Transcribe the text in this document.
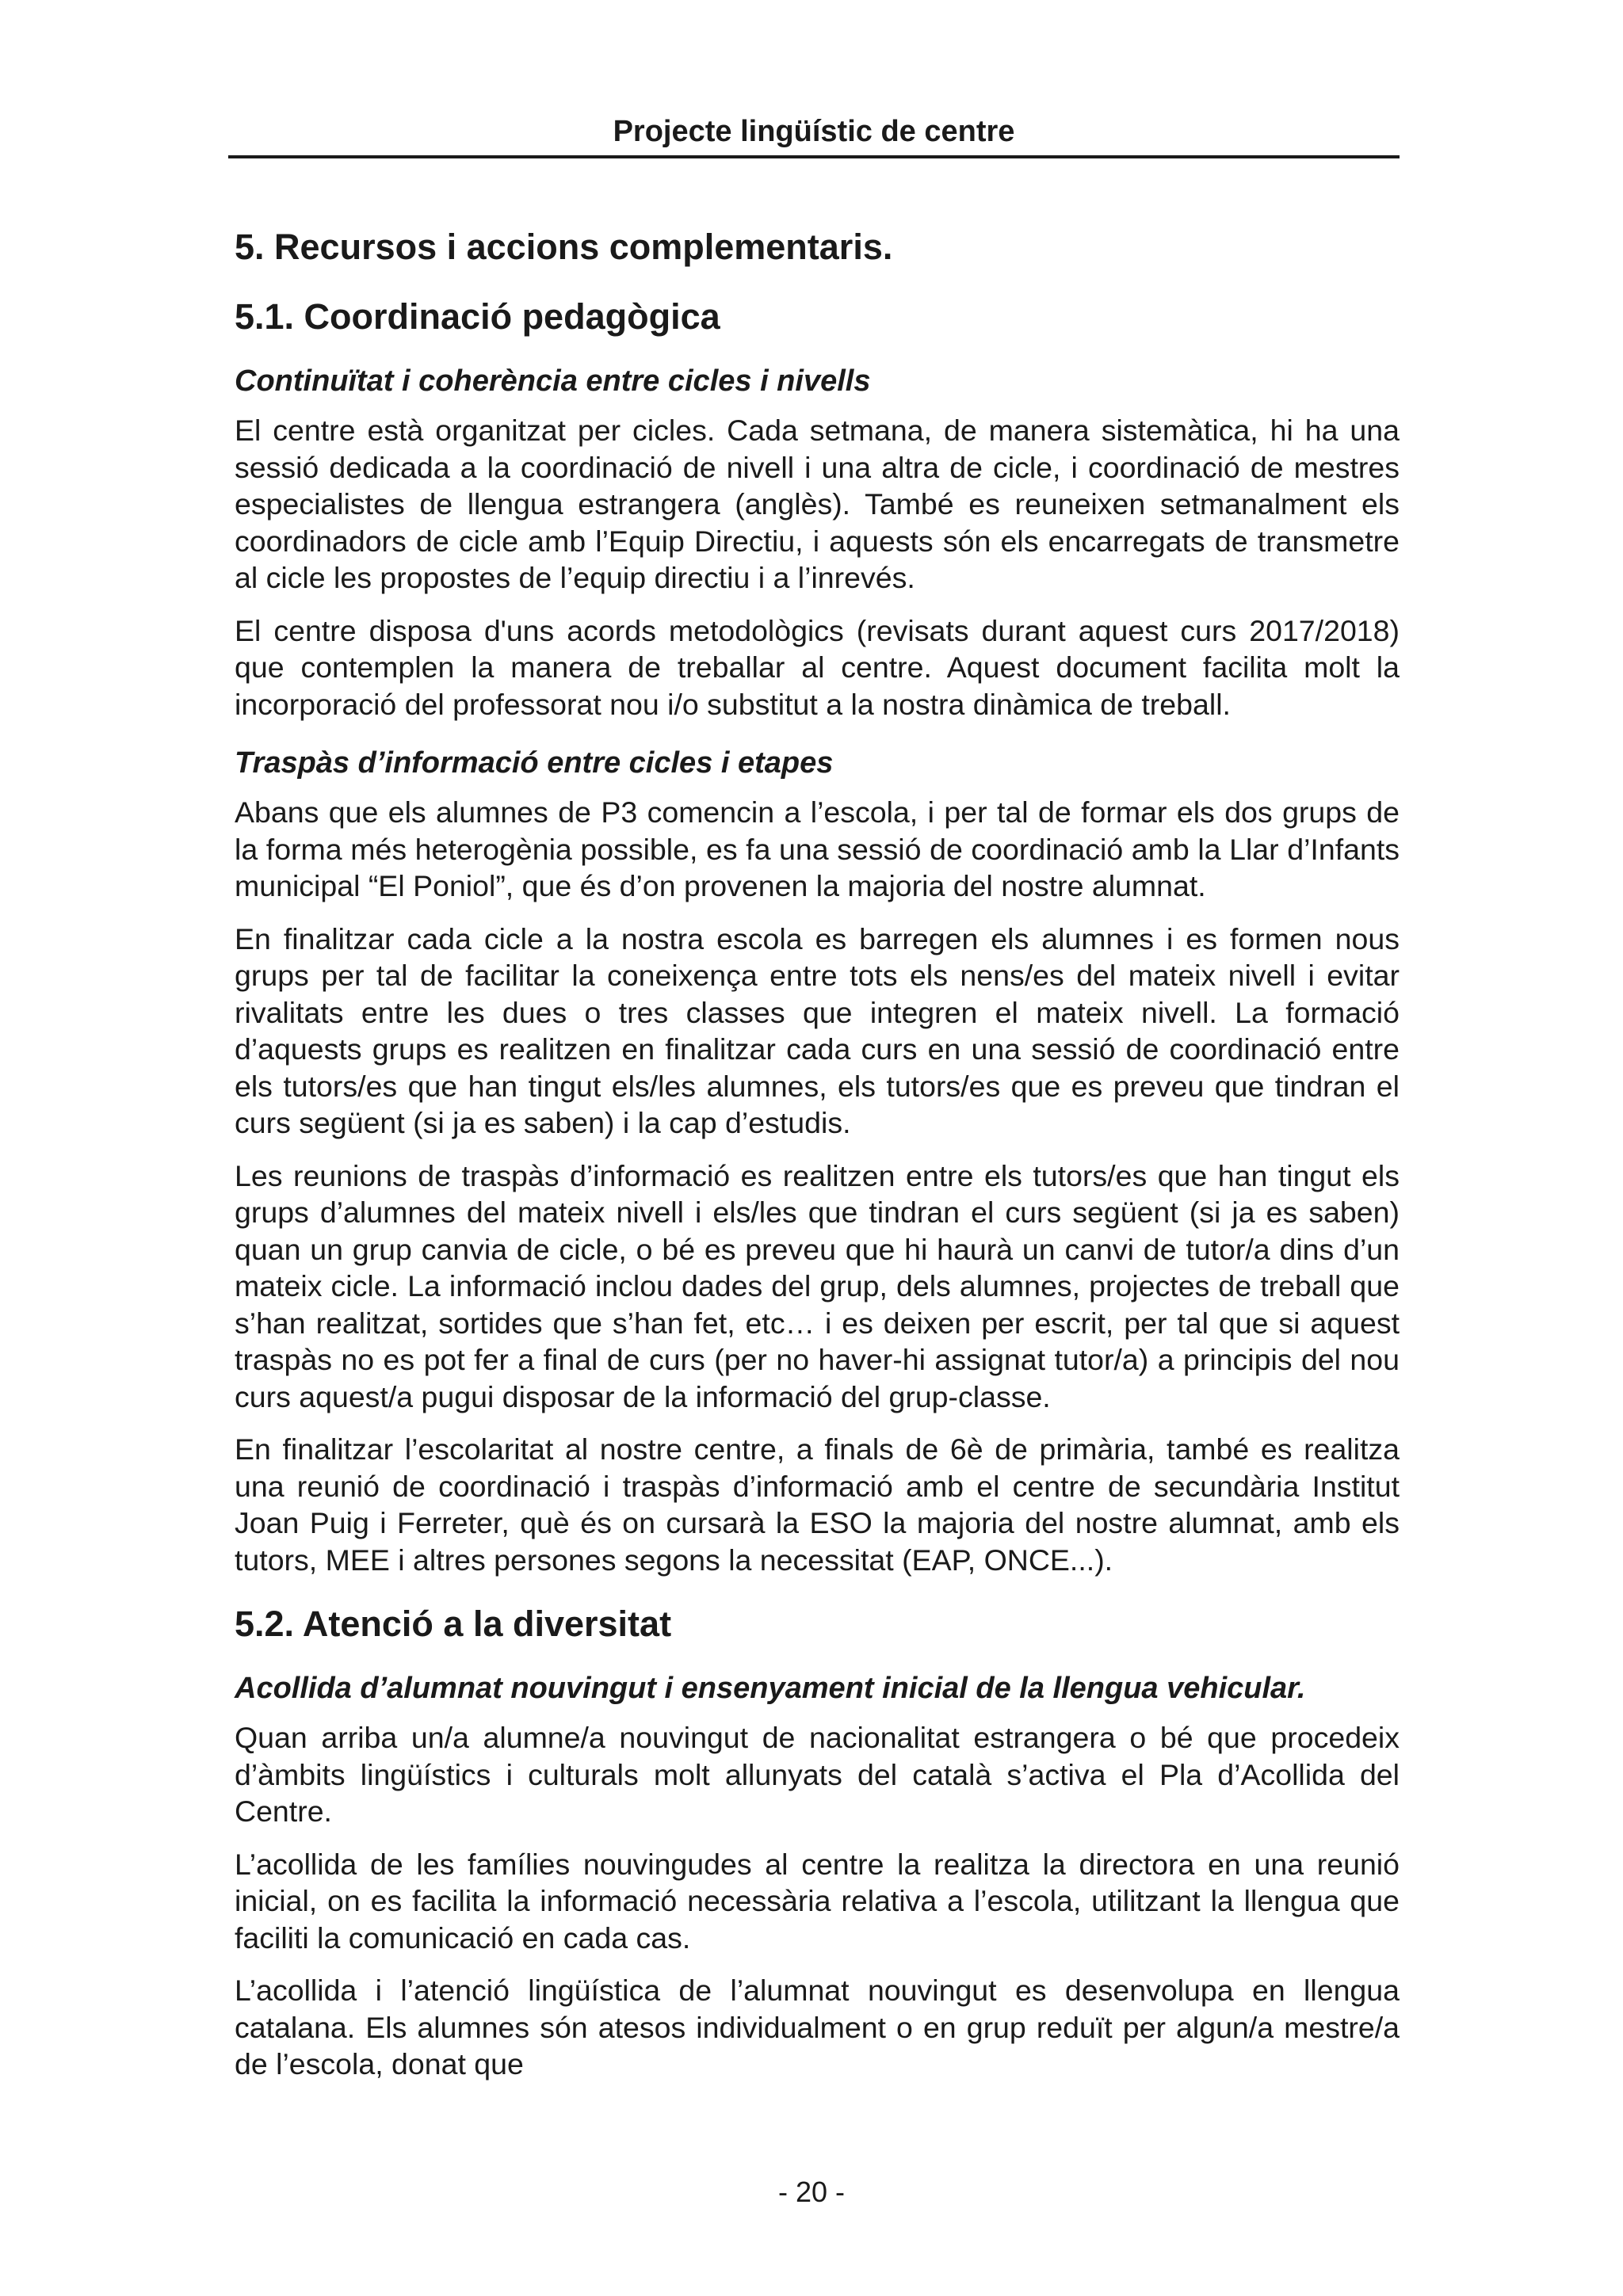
Projecte lingüístic de centre
5. Recursos i accions complementaris.
5.1. Coordinació pedagògica
Continuïtat i coherència entre cicles i nivells

El centre està organitzat per cicles. Cada setmana, de manera sistemàtica, hi ha una sessió dedicada a la coordinació de nivell i una altra de cicle, i coordinació de mestres especialistes de llengua estrangera (anglès). També es reuneixen setmanalment els coordinadors de cicle amb l’Equip Directiu, i aquests són els encarregats de transmetre al cicle les propostes de l’equip directiu i a l’inrevés.

El centre disposa d'uns acords metodològics (revisats durant aquest curs 2017/2018) que contemplen la manera de treballar al centre. Aquest document facilita molt la incorporació del professorat nou i/o substitut a la nostra dinàmica de treball.

Traspàs d’informació entre cicles i etapes

Abans que els alumnes de P3 comencin a l’escola, i per tal de formar els dos grups de la forma més heterogènia possible, es fa una sessió de coordinació amb la Llar d’Infants municipal “El Poniol”, que és d’on provenen la majoria del nostre alumnat.

En finalitzar cada cicle a la nostra escola es barregen els alumnes i es formen nous grups per tal de facilitar la coneixença entre tots els nens/es del mateix nivell i evitar rivalitats entre les dues o tres classes que integren el mateix nivell. La formació d’aquests grups es realitzen en finalitzar cada curs en una sessió de coordinació entre els tutors/es que han tingut els/les alumnes, els tutors/es que es preveu que tindran el curs següent (si ja es saben) i la cap d’estudis.

Les reunions de traspàs d’informació es realitzen entre els tutors/es que han tingut els grups d’alumnes del mateix nivell i els/les que tindran el curs següent (si ja es saben) quan un grup canvia de cicle, o bé es preveu que hi haurà un canvi de tutor/a dins d’un mateix cicle. La informació inclou dades del grup, dels alumnes, projectes de treball que s’han realitzat, sortides que s’han fet, etc… i es deixen per escrit, per tal que si aquest traspàs no es pot fer a final de curs (per no haver-hi assignat tutor/a) a principis del nou curs aquest/a pugui disposar de la informació del grup-classe.

En finalitzar l’escolaritat al nostre centre, a finals de 6è de primària, també es realitza una reunió de coordinació i traspàs d’informació amb el centre de secundària Institut Joan Puig i Ferreter, què és on cursarà la ESO la majoria del nostre alumnat, amb els tutors, MEE i altres persones segons la necessitat (EAP, ONCE...).

5.2. Atenció a la diversitat
Acollida d’alumnat nouvingut i ensenyament inicial de la llengua vehicular.

Quan arriba un/a alumne/a nouvingut de nacionalitat estrangera o bé que procedeix d’àmbits lingüístics i culturals molt allunyats del català s’activa el Pla d’Acollida del Centre.

L’acollida de les famílies nouvingudes al centre la realitza la directora en una reunió inicial, on es facilita la informació necessària relativa a l’escola, utilitzant la llengua que faciliti la comunicació en cada cas.

L’acollida i l’atenció lingüística de l’alumnat nouvingut es desenvolupa en llengua catalana. Els alumnes són atesos individualment o en grup reduït per algun/a mestre/a de l’escola, donat que

- 20 -
